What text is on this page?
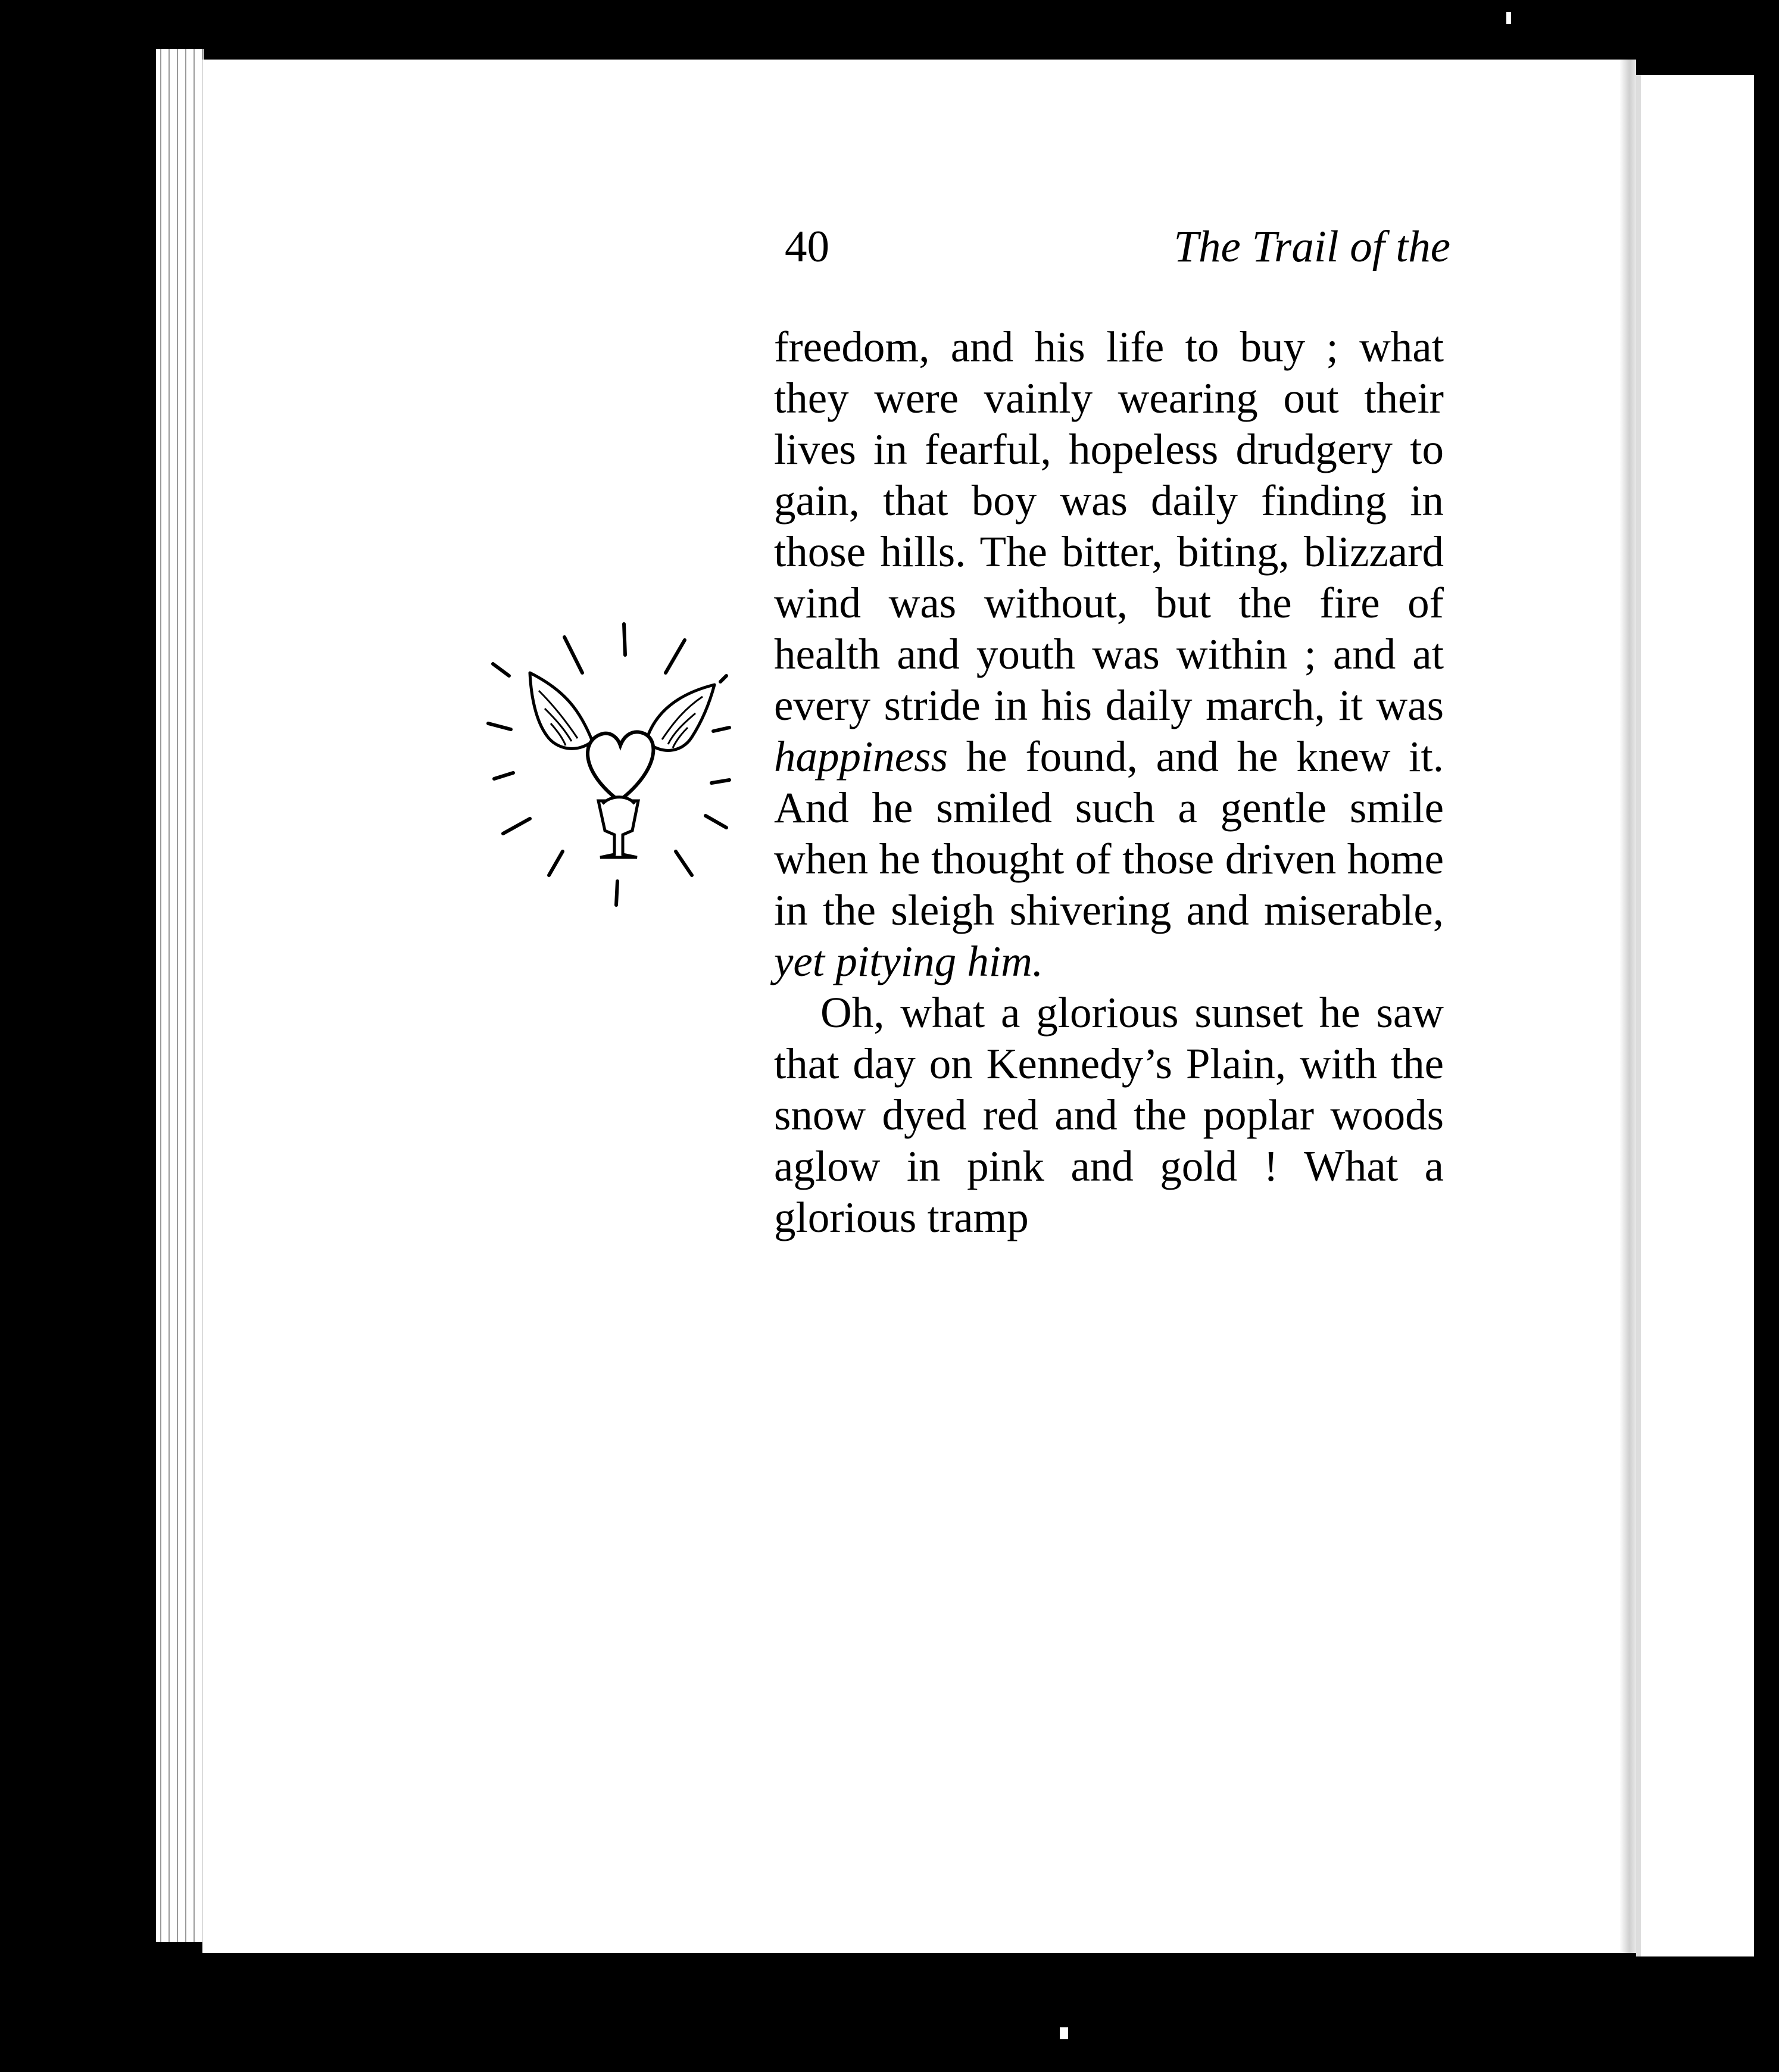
40	The Trail of the

freedom, and his life to buy ; what they were vainly wearing out their lives in fearful, hopeless drudgery to gain, that boy was daily finding in those hills. The bitter, biting, blizzard wind was without, but the fire of health and youth was within ; and at every stride in his daily march, it was happiness he found, and he knew it. And he smiled such a gentle smile when he thought of those driven home in the sleigh shivering and miserable, yet pitying him.

Oh, what a glorious sunset he saw that day on Kennedy’s Plain, with the snow dyed red and the poplar woods aglow in pink and gold ! What a glorious tramp
